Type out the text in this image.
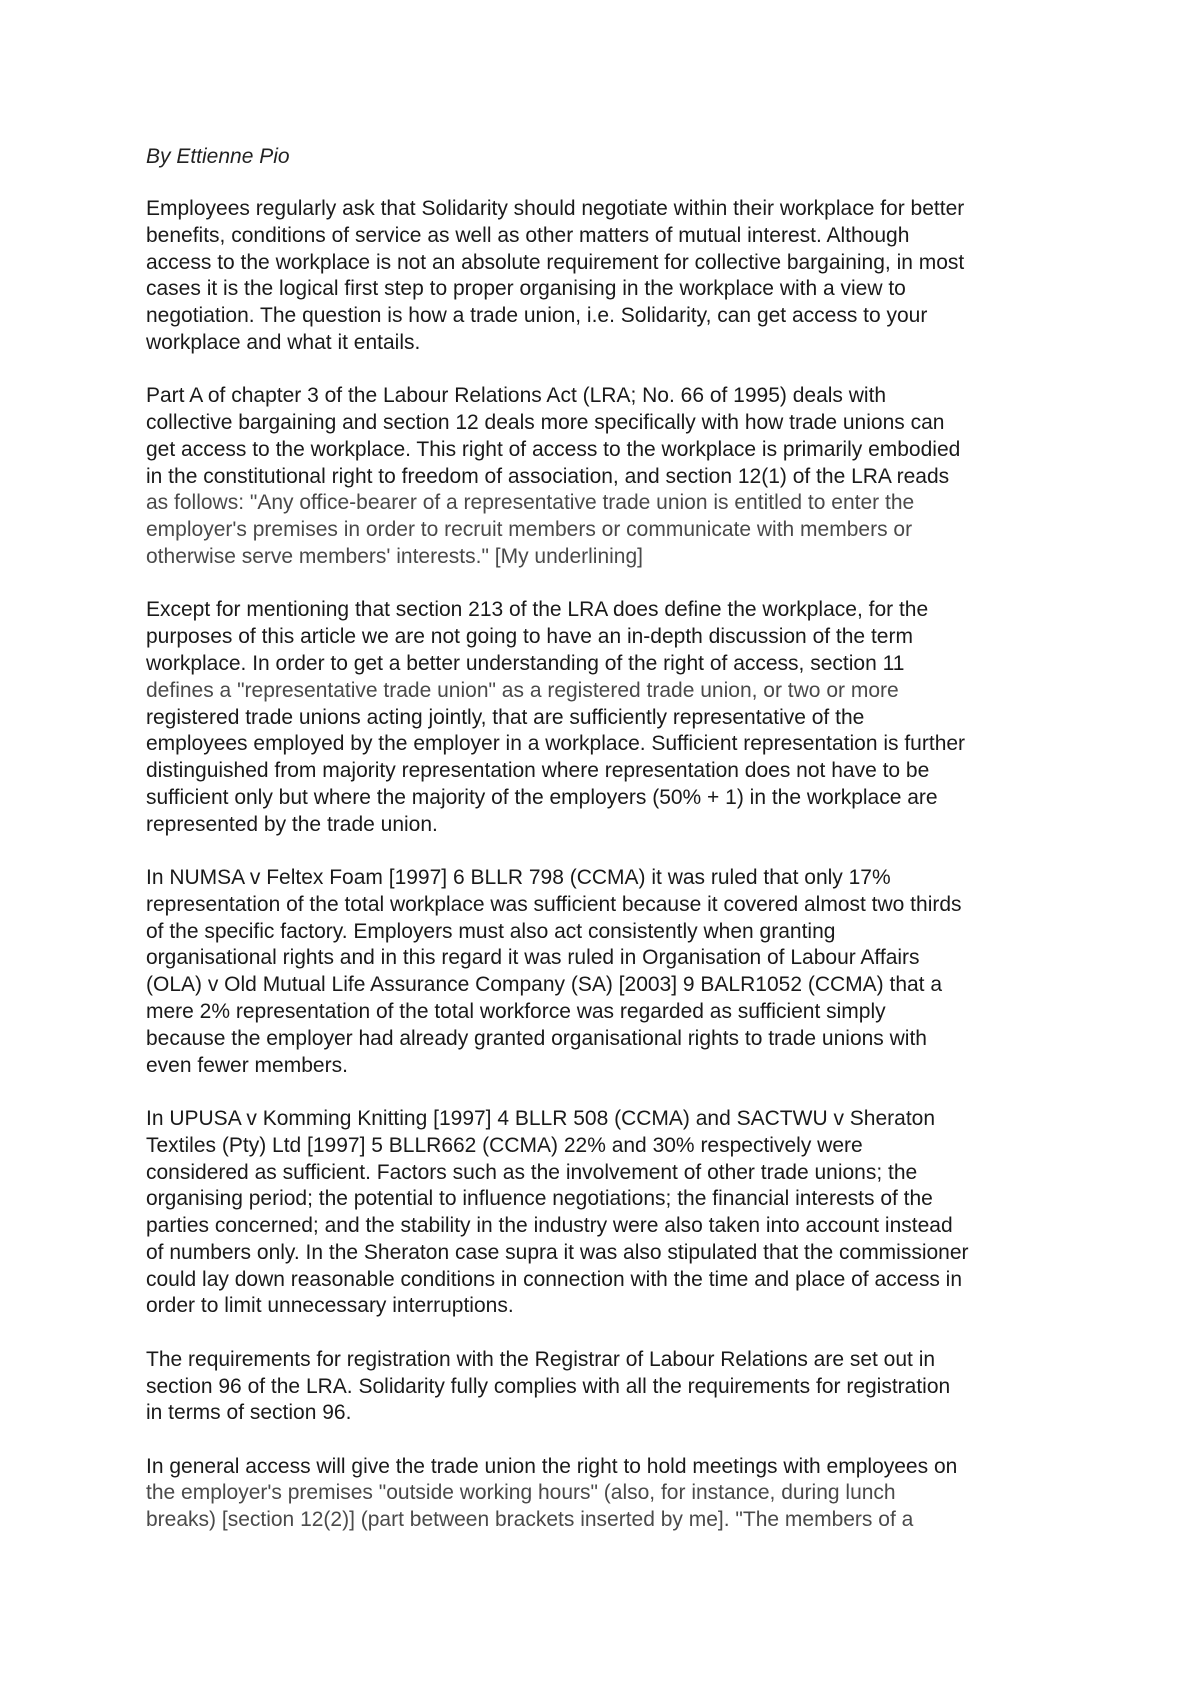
By Ettienne Pio
Employees regularly ask that Solidarity should negotiate within their workplace for better
benefits, conditions of service as well as other matters of mutual interest. Although
access to the workplace is not an absolute requirement for collective bargaining, in most
cases it is the logical first step to proper organising in the workplace with a view to
negotiation. The question is how a trade union, i.e. Solidarity, can get access to your
workplace and what it entails.
Part A of chapter 3 of the Labour Relations Act (LRA; No. 66 of 1995) deals with
collective bargaining and section 12 deals more specifically with how trade unions can
get access to the workplace. This right of access to the workplace is primarily embodied
in the constitutional right to freedom of association, and section 12(1) of the LRA reads
as follows: "Any office-bearer of a representative trade union is entitled to enter the
employer's premises in order to recruit members or communicate with members or
otherwise serve members' interests." [My underlining]
Except for mentioning that section 213 of the LRA does define the workplace, for the
purposes of this article we are not going to have an in-depth discussion of the term
workplace. In order to get a better understanding of the right of access, section 11
defines a "representative trade union" as a registered trade union, or two or more
registered trade unions acting jointly, that are sufficiently representative of the
employees employed by the employer in a workplace. Sufficient representation is further
distinguished from majority representation where representation does not have to be
sufficient only but where the majority of the employers (50% + 1) in the workplace are
represented by the trade union.
In NUMSA v Feltex Foam [1997] 6 BLLR 798 (CCMA) it was ruled that only 17%
representation of the total workplace was sufficient because it covered almost two thirds
of the specific factory. Employers must also act consistently when granting
organisational rights and in this regard it was ruled in Organisation of Labour Affairs
(OLA) v Old Mutual Life Assurance Company (SA) [2003] 9 BALR1052 (CCMA) that a
mere 2% representation of the total workforce was regarded as sufficient simply
because the employer had already granted organisational rights to trade unions with
even fewer members.
In UPUSA v Komming Knitting [1997] 4 BLLR 508 (CCMA) and SACTWU v Sheraton
Textiles (Pty) Ltd [1997] 5 BLLR662 (CCMA) 22% and 30% respectively were
considered as sufficient. Factors such as the involvement of other trade unions; the
organising period; the potential to influence negotiations; the financial interests of the
parties concerned; and the stability in the industry were also taken into account instead
of numbers only. In the Sheraton case supra it was also stipulated that the commissioner
could lay down reasonable conditions in connection with the time and place of access in
order to limit unnecessary interruptions.
The requirements for registration with the Registrar of Labour Relations are set out in
section 96 of the LRA. Solidarity fully complies with all the requirements for registration
in terms of section 96.
In general access will give the trade union the right to hold meetings with employees on
the employer's premises "outside working hours" (also, for instance, during lunch
breaks) [section 12(2)] (part between brackets inserted by me]. "The members of a
